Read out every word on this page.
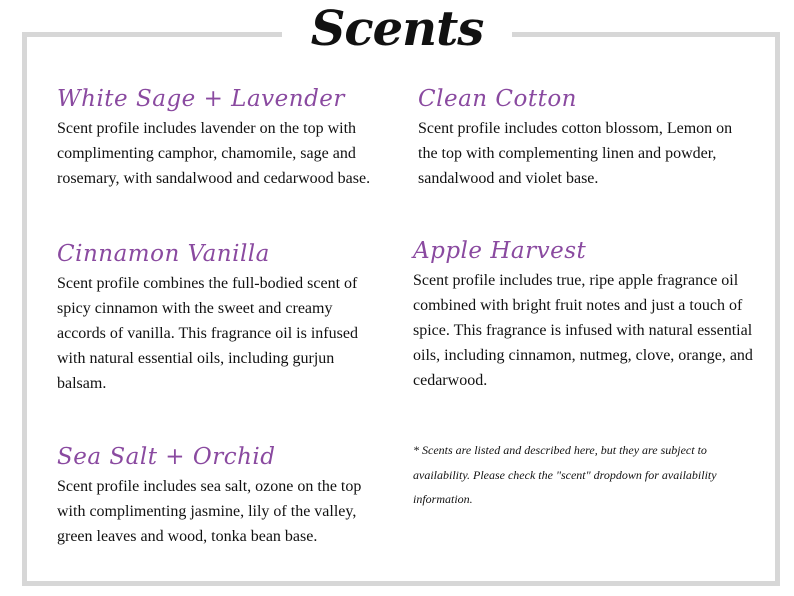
Scents
White Sage + Lavender

Scent profile includes lavender on the top with complimenting camphor, chamomile, sage and rosemary, with sandalwood and cedarwood base.

Clean Cotton

Scent profile includes cotton blossom, Lemon on the top with complementing linen and powder, sandalwood and violet base.

Cinnamon Vanilla

Scent profile combines the full-bodied scent of spicy cinnamon with the sweet and creamy accords of vanilla. This fragrance oil is infused with natural essential oils, including gurjun balsam.

Apple Harvest

Scent profile includes true, ripe apple fragrance oil combined with bright fruit notes and just a touch of spice. This fragrance is infused with natural essential oils, including cinnamon, nutmeg, clove, orange, and cedarwood.

Sea Salt + Orchid

Scent profile includes sea salt, ozone on the top with complimenting jasmine, lily of the valley, green leaves and wood, tonka bean base.

* Scents are listed and described here, but they are subject to availability. Please check the "scent" dropdown for availability information.
